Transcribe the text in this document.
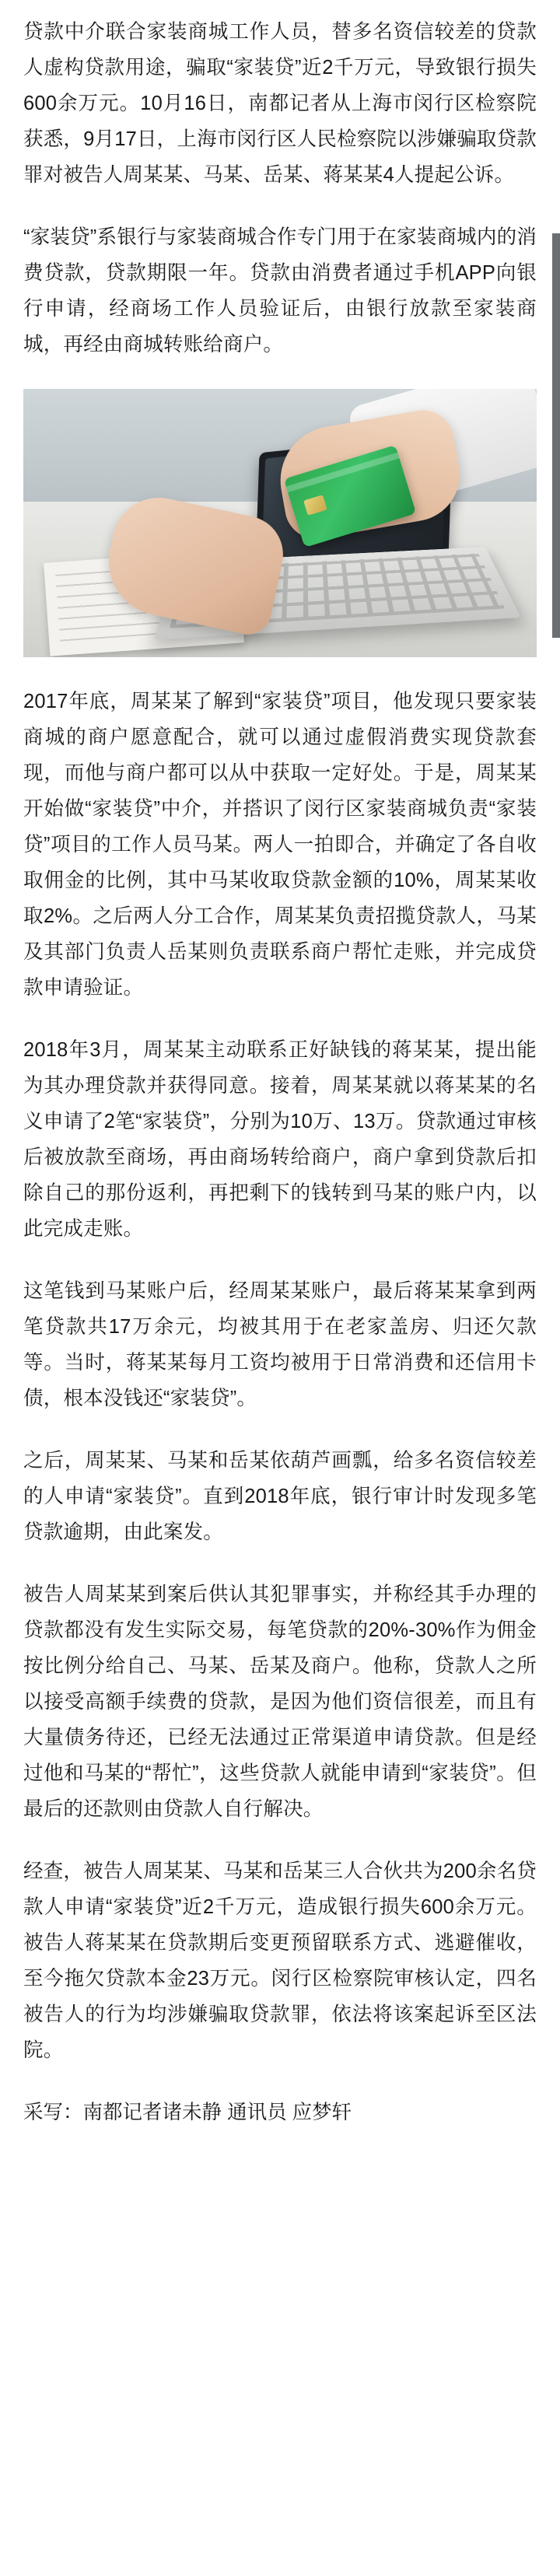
贷款中介联合家装商城工作人员，替多名资信较差的贷款人虚构贷款用途，骗取“家装贷”近2千万元，导致银行损失600余万元。10月16日，南都记者从上海市闵行区检察院获悉，9月17日，上海市闵行区人民检察院以涉嫌骗取贷款罪对被告人周某某、马某、岳某、蒋某某4人提起公诉。

“家装贷”系银行与家装商城合作专门用于在家装商城内的消费贷款，贷款期限一年。贷款由消费者通过手机APP向银行申请，经商场工作人员验证后，由银行放款至家装商城，再经由商城转账给商户。

2017年底，周某某了解到“家装贷”项目，他发现只要家装商城的商户愿意配合，就可以通过虚假消费实现贷款套现，而他与商户都可以从中获取一定好处。于是，周某某开始做“家装贷”中介，并搭识了闵行区家装商城负责“家装贷”项目的工作人员马某。两人一拍即合，并确定了各自收取佣金的比例，其中马某收取贷款金额的10%，周某某收取2%。之后两人分工合作，周某某负责招揽贷款人，马某及其部门负责人岳某则负责联系商户帮忙走账，并完成贷款申请验证。

2018年3月，周某某主动联系正好缺钱的蒋某某，提出能为其办理贷款并获得同意。接着，周某某就以蒋某某的名义申请了2笔“家装贷”，分别为10万、13万。贷款通过审核后被放款至商场，再由商场转给商户，商户拿到贷款后扣除自己的那份返利，再把剩下的钱转到马某的账户内，以此完成走账。

这笔钱到马某账户后，经周某某账户，最后蒋某某拿到两笔贷款共17万余元，均被其用于在老家盖房、归还欠款等。当时，蒋某某每月工资均被用于日常消费和还信用卡债，根本没钱还“家装贷”。

之后，周某某、马某和岳某依葫芦画瓢，给多名资信较差的人申请“家装贷”。直到2018年底，银行审计时发现多笔贷款逾期，由此案发。

被告人周某某到案后供认其犯罪事实，并称经其手办理的贷款都没有发生实际交易，每笔贷款的20%-30%作为佣金按比例分给自己、马某、岳某及商户。他称，贷款人之所以接受高额手续费的贷款，是因为他们资信很差，而且有大量债务待还，已经无法通过正常渠道申请贷款。但是经过他和马某的“帮忙”，这些贷款人就能申请到“家装贷”。但最后的还款则由贷款人自行解决。

经查，被告人周某某、马某和岳某三人合伙共为200余名贷款人申请“家装贷”近2千万元，造成银行损失600余万元。被告人蒋某某在贷款期后变更预留联系方式、逃避催收，至今拖欠贷款本金23万元。闵行区检察院审核认定，四名被告人的行为均涉嫌骗取贷款罪，依法将该案起诉至区法院。

采写：南都记者诸未静 通讯员 应梦轩
